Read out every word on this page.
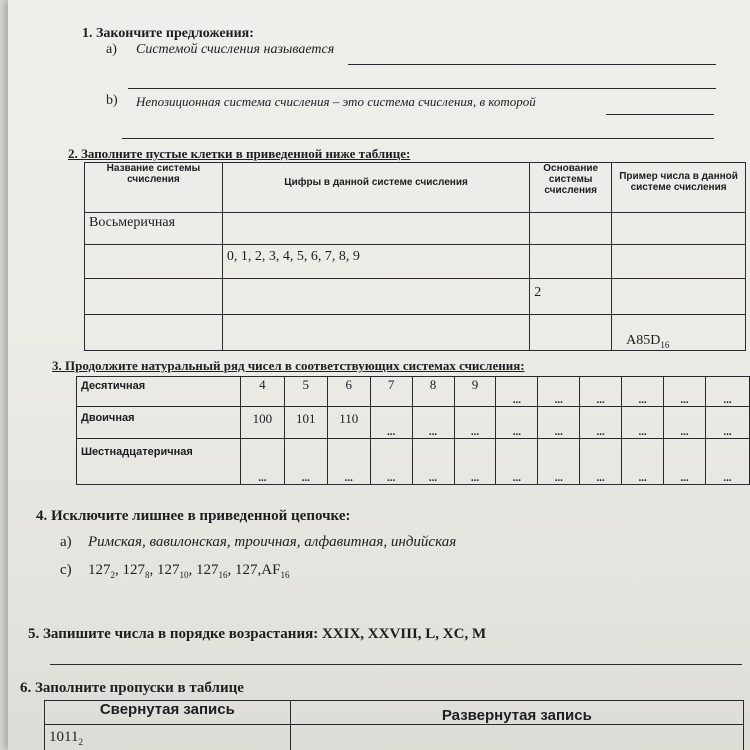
1. Закончите предложения:
a) Системой счисления называется
b) Непозиционная система счисления – это система счисления, в которой
2. Заполните пустые клетки в приведенной ниже таблице:
Название системы счисления	Цифры в данной системе счисления	Основание системы счисления	Пример числа в данной системе счисления
Восьмеричная			
	0, 1, 2, 3, 4, 5, 6, 7, 8, 9		
		2	
			$A85D_{16}$
3. Продолжите натуральный ряд чисел в соответствующих системах счисления:
Десятичная	4	5	6	7	8	9	...	...	...	...	...	...
Двоичная	100	101	110	...	...	...	...	...	...	...	...	...
Шестнадцатеричная	...	...	...	...	...	...	...	...	...	...	...	...
4. Исключите лишнее в приведенной цепочке:
a) Римская, вавилонская, троичная, алфавитная, индийская
c) $127_2$, $127_8$, $127_{10}$, $127_{16}$, $127,AF_{16}$
5. Запишите числа в порядке возрастания: XXIX, XXVIII, L, XC, M
6. Заполните пропуски в таблице
Свернутая запись	Развернутая запись
$1011_2$	
